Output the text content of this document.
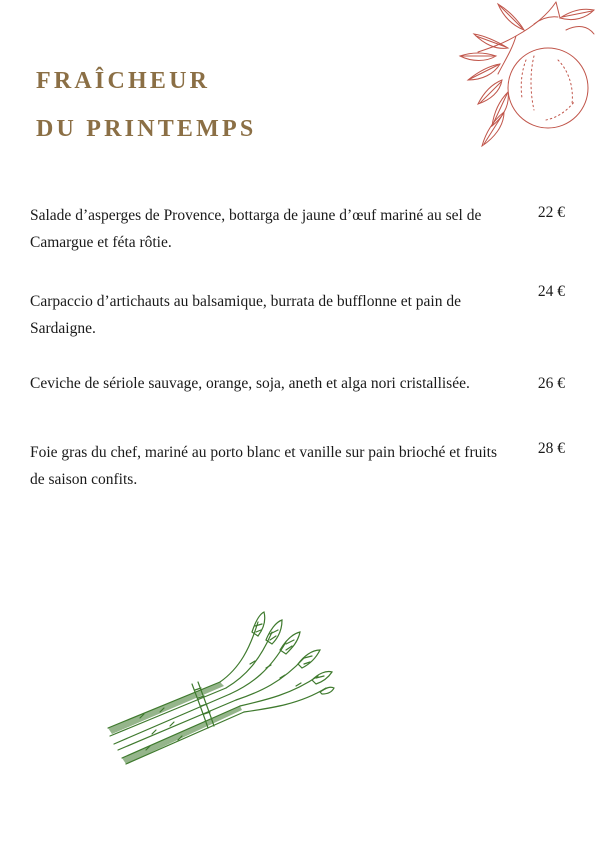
FRAÎCHEUR
DU PRINTEMPS
Salade d’asperges de Provence, bottarga de jaune d’œuf mariné au sel de Camargue et féta rôtie.
22 €
Carpaccio d’artichauts au balsamique, burrata de bufflonne et pain de Sardaigne.
24 €
Ceviche de sériole sauvage, orange, soja, aneth et alga nori cristallisée.	26 €
Foie gras du chef, mariné au porto blanc et vanille sur pain brioché et fruits de saison confits.
28 €
